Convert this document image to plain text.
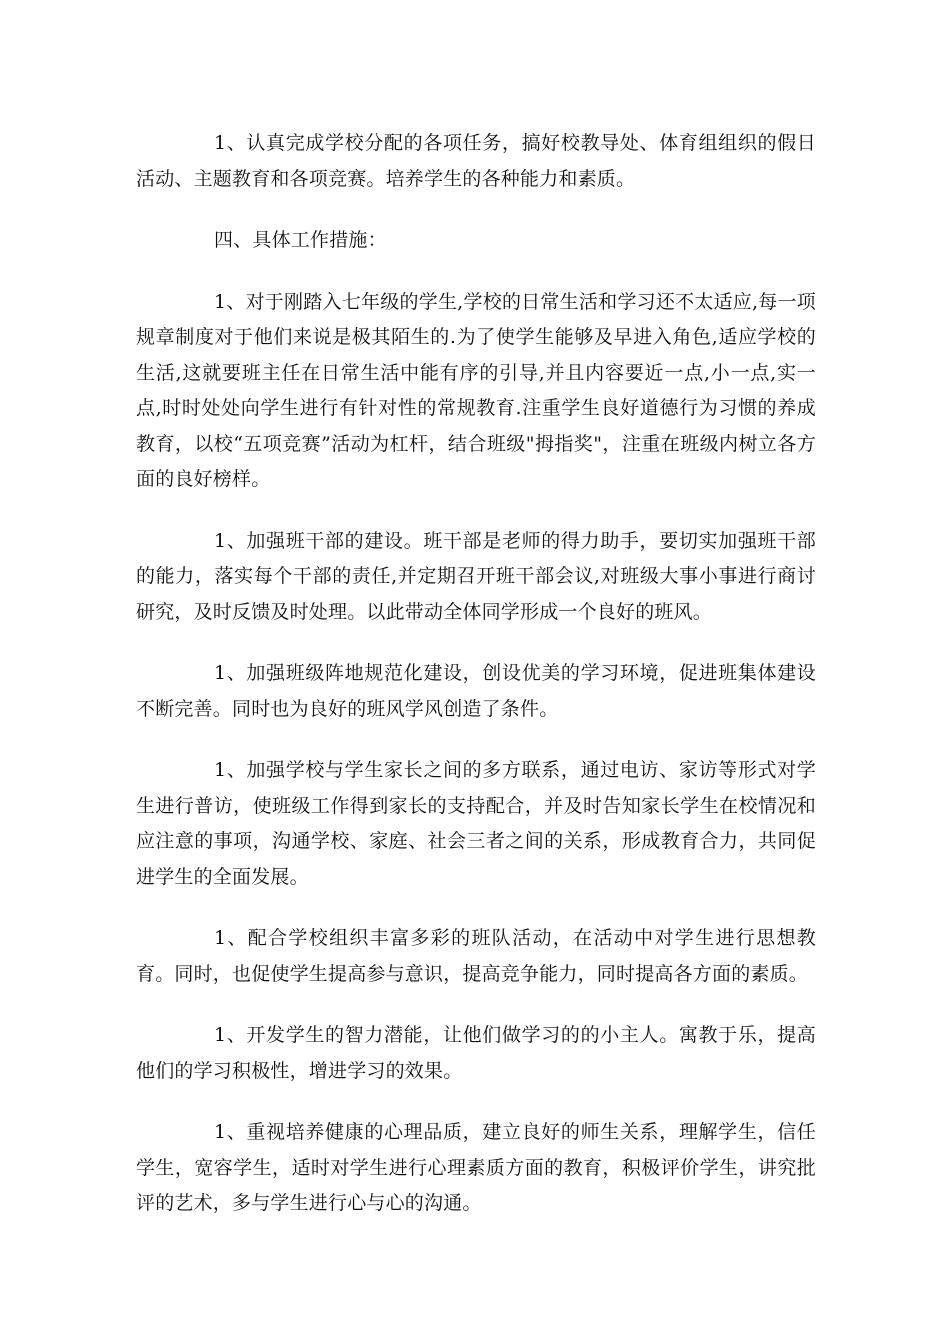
1、认真完成学校分配的各项任务，搞好校教导处、体育组组织的假日活动、主题教育和各项竞赛。培养学生的各种能力和素质。

四、具体工作措施：

1、对于刚踏入七年级的学生,学校的日常生活和学习还不太适应,每一项规章制度对于他们来说是极其陌生的.为了使学生能够及早进入角色,适应学校的生活,这就要班主任在日常生活中能有序的引导,并且内容要近一点,小一点,实一点,时时处处向学生进行有针对性的常规教育.注重学生良好道德行为习惯的养成教育，以校“五项竞赛”活动为杠杆，结合班级"拇指奖"，注重在班级内树立各方面的良好榜样。

1、加强班干部的建设。班干部是老师的得力助手，要切实加强班干部的能力，落实每个干部的责任,并定期召开班干部会议,对班级大事小事进行商讨研究，及时反馈及时处理。以此带动全体同学形成一个良好的班风。

1、加强班级阵地规范化建设，创设优美的学习环境，促进班集体建设不断完善。同时也为良好的班风学风创造了条件。

1、加强学校与学生家长之间的多方联系，通过电访、家访等形式对学生进行普访，使班级工作得到家长的支持配合，并及时告知家长学生在校情况和应注意的事项，沟通学校、家庭、社会三者之间的关系，形成教育合力，共同促进学生的全面发展。

1、配合学校组织丰富多彩的班队活动，在活动中对学生进行思想教育。同时，也促使学生提高参与意识，提高竞争能力，同时提高各方面的素质。

1、开发学生的智力潜能，让他们做学习的的小主人。寓教于乐，提高他们的学习积极性，增进学习的效果。

1、重视培养健康的心理品质，建立良好的师生关系，理解学生，信任学生，宽容学生，适时对学生进行心理素质方面的教育，积极评价学生，讲究批评的艺术，多与学生进行心与心的沟通。
